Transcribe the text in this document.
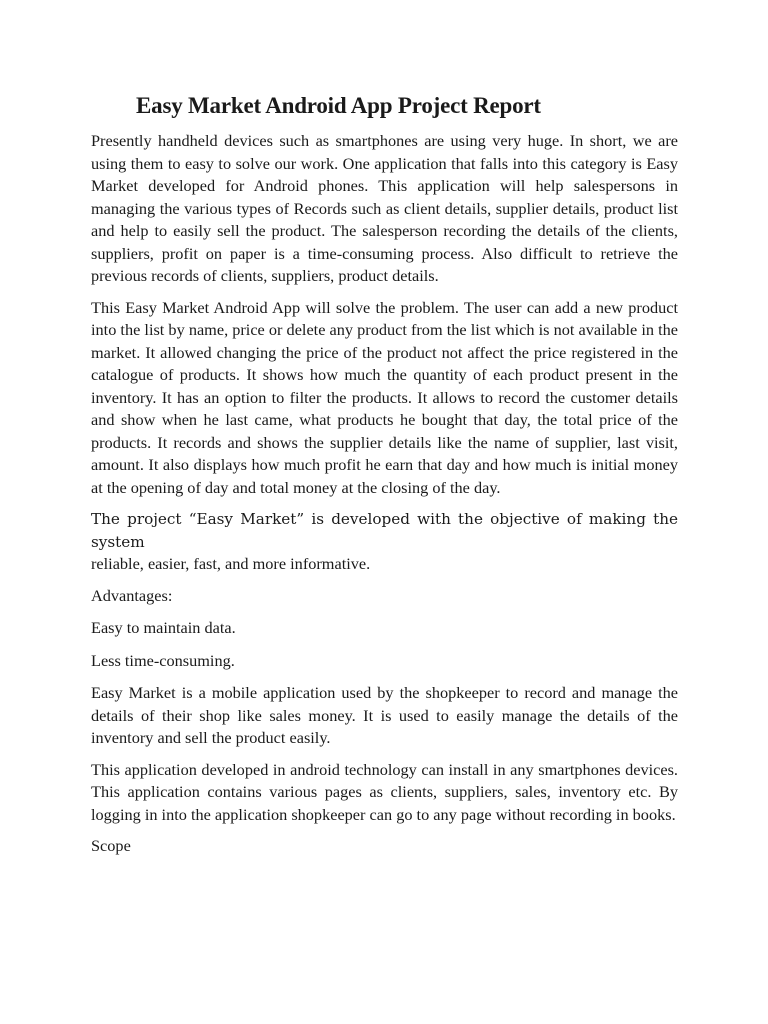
Easy Market Android App Project Report

Presently handheld devices such as smartphones are using very huge. In short, we are using them to easy to solve our work. One application that falls into this category is Easy Market developed for Android phones. This application will help salespersons in managing the various types of Records such as client details, supplier details, product list and help to easily sell the product. The salesperson recording the details of the clients, suppliers, profit on paper is a time-consuming process. Also difficult to retrieve the previous records of clients, suppliers, product details.

This Easy Market Android App will solve the problem. The user can add a new product into the list by name, price or delete any product from the list which is not available in the market. It allowed changing the price of the product not affect the price registered in the catalogue of products. It shows how much the quantity of each product present in the inventory. It has an option to filter the products. It allows to record the customer details and show when he last came, what products he bought that day, the total price of the products. It records and shows the supplier details like the name of supplier, last visit, amount. It also displays how much profit he earn that day and how much is initial money at the opening of day and total money at the closing of the day.

The project “Easy Market” is developed with the objective of making the system
reliable, easier, fast, and more informative.

Advantages:

Easy to maintain data.

Less time-consuming.

Easy Market is a mobile application used by the shopkeeper to record and manage the details of their shop like sales money. It is used to easily manage the details of the inventory and sell the product easily.

This application developed in android technology can install in any smartphones devices. This application contains various pages as clients, suppliers, sales, inventory etc. By logging in into the application shopkeeper can go to any page without recording in books.

Scope
